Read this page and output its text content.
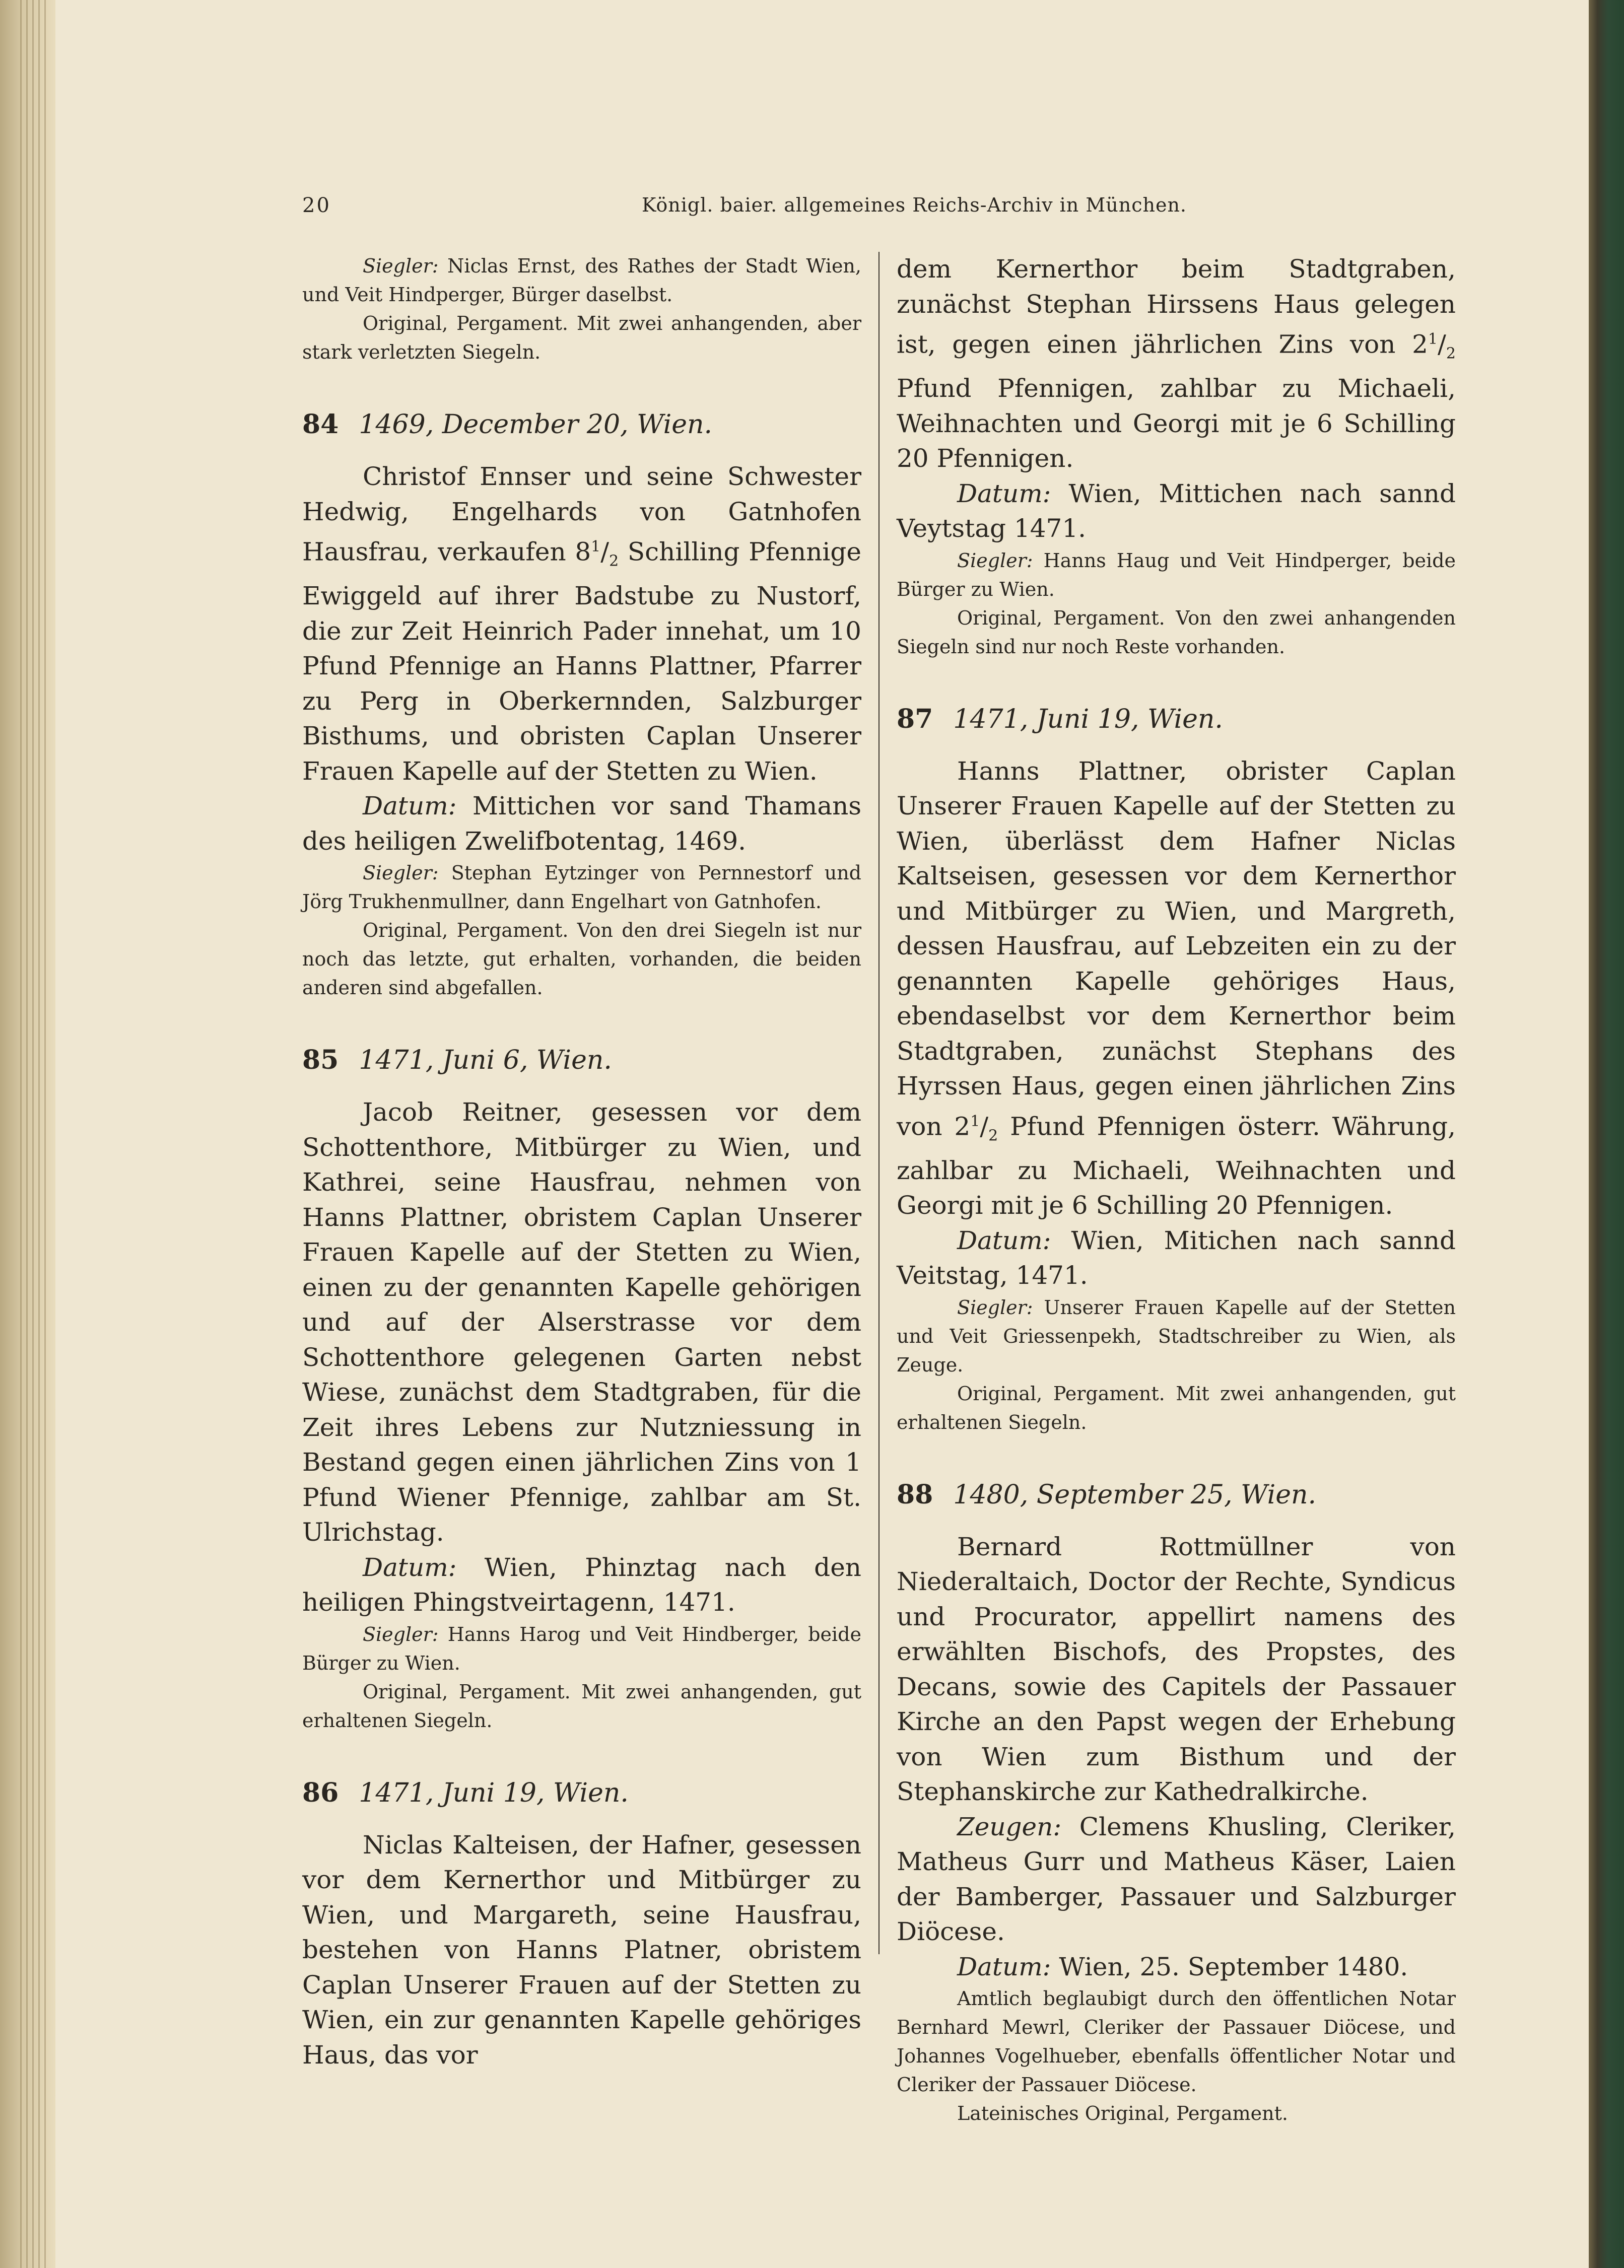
20	Königl. baier. allgemeines Reichs-Archiv in München.

Siegler: Niclas Ernst, des Rathes der Stadt Wien, und Veit Hindperger, Bürger daselbst.

Original, Pergament. Mit zwei anhangenden, aber stark verletzten Siegeln.

84 1469, December 20, Wien.

Christof Ennser und seine Schwester Hedwig, Engelhards von Gatnhofen Hausfrau, verkaufen $8^1/_2$ Schilling Pfennige Ewiggeld auf ihrer Badstube zu Nustorf, die zur Zeit Heinrich Pader innehat, um 10 Pfund Pfennige an Hanns Plattner, Pfarrer zu Perg in Oberkernnden, Salzburger Bisthums, und obristen Caplan Unserer Frauen Kapelle auf der Stetten zu Wien.

Datum: Mittichen vor sand Thamans des heiligen Zwelifbotentag, 1469.

Siegler: Stephan Eytzinger von Pernnestorf und Jörg Trukhenmullner, dann Engelhart von Gatnhofen.

Original, Pergament. Von den drei Siegeln ist nur noch das letzte, gut erhalten, vorhanden, die beiden anderen sind abgefallen.

85 1471, Juni 6, Wien.

Jacob Reitner, gesessen vor dem Schottenthore, Mitbürger zu Wien, und Kathrei, seine Hausfrau, nehmen von Hanns Plattner, obristem Caplan Unserer Frauen Kapelle auf der Stetten zu Wien, einen zu der genannten Kapelle gehörigen und auf der Alserstrasse vor dem Schottenthore gelegenen Garten nebst Wiese, zunächst dem Stadtgraben, für die Zeit ihres Lebens zur Nutzniessung in Bestand gegen einen jährlichen Zins von 1 Pfund Wiener Pfennige, zahlbar am St. Ulrichstag.

Datum: Wien, Phinztag nach den heiligen Phingstveirtagenn, 1471.

Siegler: Hanns Harog und Veit Hindberger, beide Bürger zu Wien.

Original, Pergament. Mit zwei anhangenden, gut erhaltenen Siegeln.

86 1471, Juni 19, Wien.

Niclas Kalteisen, der Hafner, gesessen vor dem Kernerthor und Mitbürger zu Wien, und Margareth, seine Hausfrau, bestehen von Hanns Platner, obristem Caplan Unserer Frauen auf der Stetten zu Wien, ein zur genannten Kapelle gehöriges Haus, das vor

dem Kernerthor beim Stadtgraben, zunächst Stephan Hirssens Haus gelegen ist, gegen einen jährlichen Zins von $2^1/_2$ Pfund Pfennigen, zahlbar zu Michaeli, Weihnachten und Georgi mit je 6 Schilling 20 Pfennigen.

Datum: Wien, Mittichen nach sannd Veytstag 1471.

Siegler: Hanns Haug und Veit Hindperger, beide Bürger zu Wien.

Original, Pergament. Von den zwei anhangenden Siegeln sind nur noch Reste vorhanden.

87 1471, Juni 19, Wien.

Hanns Plattner, obrister Caplan Unserer Frauen Kapelle auf der Stetten zu Wien, überlässt dem Hafner Niclas Kaltseisen, gesessen vor dem Kernerthor und Mitbürger zu Wien, und Margreth, dessen Hausfrau, auf Lebzeiten ein zu der genannten Kapelle gehöriges Haus, ebendaselbst vor dem Kernerthor beim Stadtgraben, zunächst Stephans des Hyrssen Haus, gegen einen jährlichen Zins von $2^1/_2$ Pfund Pfennigen österr. Währung, zahlbar zu Michaeli, Weihnachten und Georgi mit je 6 Schilling 20 Pfennigen.

Datum: Wien, Mitichen nach sannd Veitstag, 1471.

Siegler: Unserer Frauen Kapelle auf der Stetten und Veit Griessenpekh, Stadtschreiber zu Wien, als Zeuge.

Original, Pergament. Mit zwei anhangenden, gut erhaltenen Siegeln.

88 1480, September 25, Wien.

Bernard Rottmüllner von Niederaltaich, Doctor der Rechte, Syndicus und Procurator, appellirt namens des erwählten Bischofs, des Propstes, des Decans, sowie des Capitels der Passauer Kirche an den Papst wegen der Erhebung von Wien zum Bisthum und der Stephanskirche zur Kathedralkirche.

Zeugen: Clemens Khusling, Cleriker, Matheus Gurr und Matheus Käser, Laien der Bamberger, Passauer und Salzburger Diöcese.

Datum: Wien, 25. September 1480.

Amtlich beglaubigt durch den öffentlichen Notar Bernhard Mewrl, Cleriker der Passauer Diöcese, und Johannes Vogelhueber, ebenfalls öffentlicher Notar und Cleriker der Passauer Diöcese.

Lateinisches Original, Pergament.
